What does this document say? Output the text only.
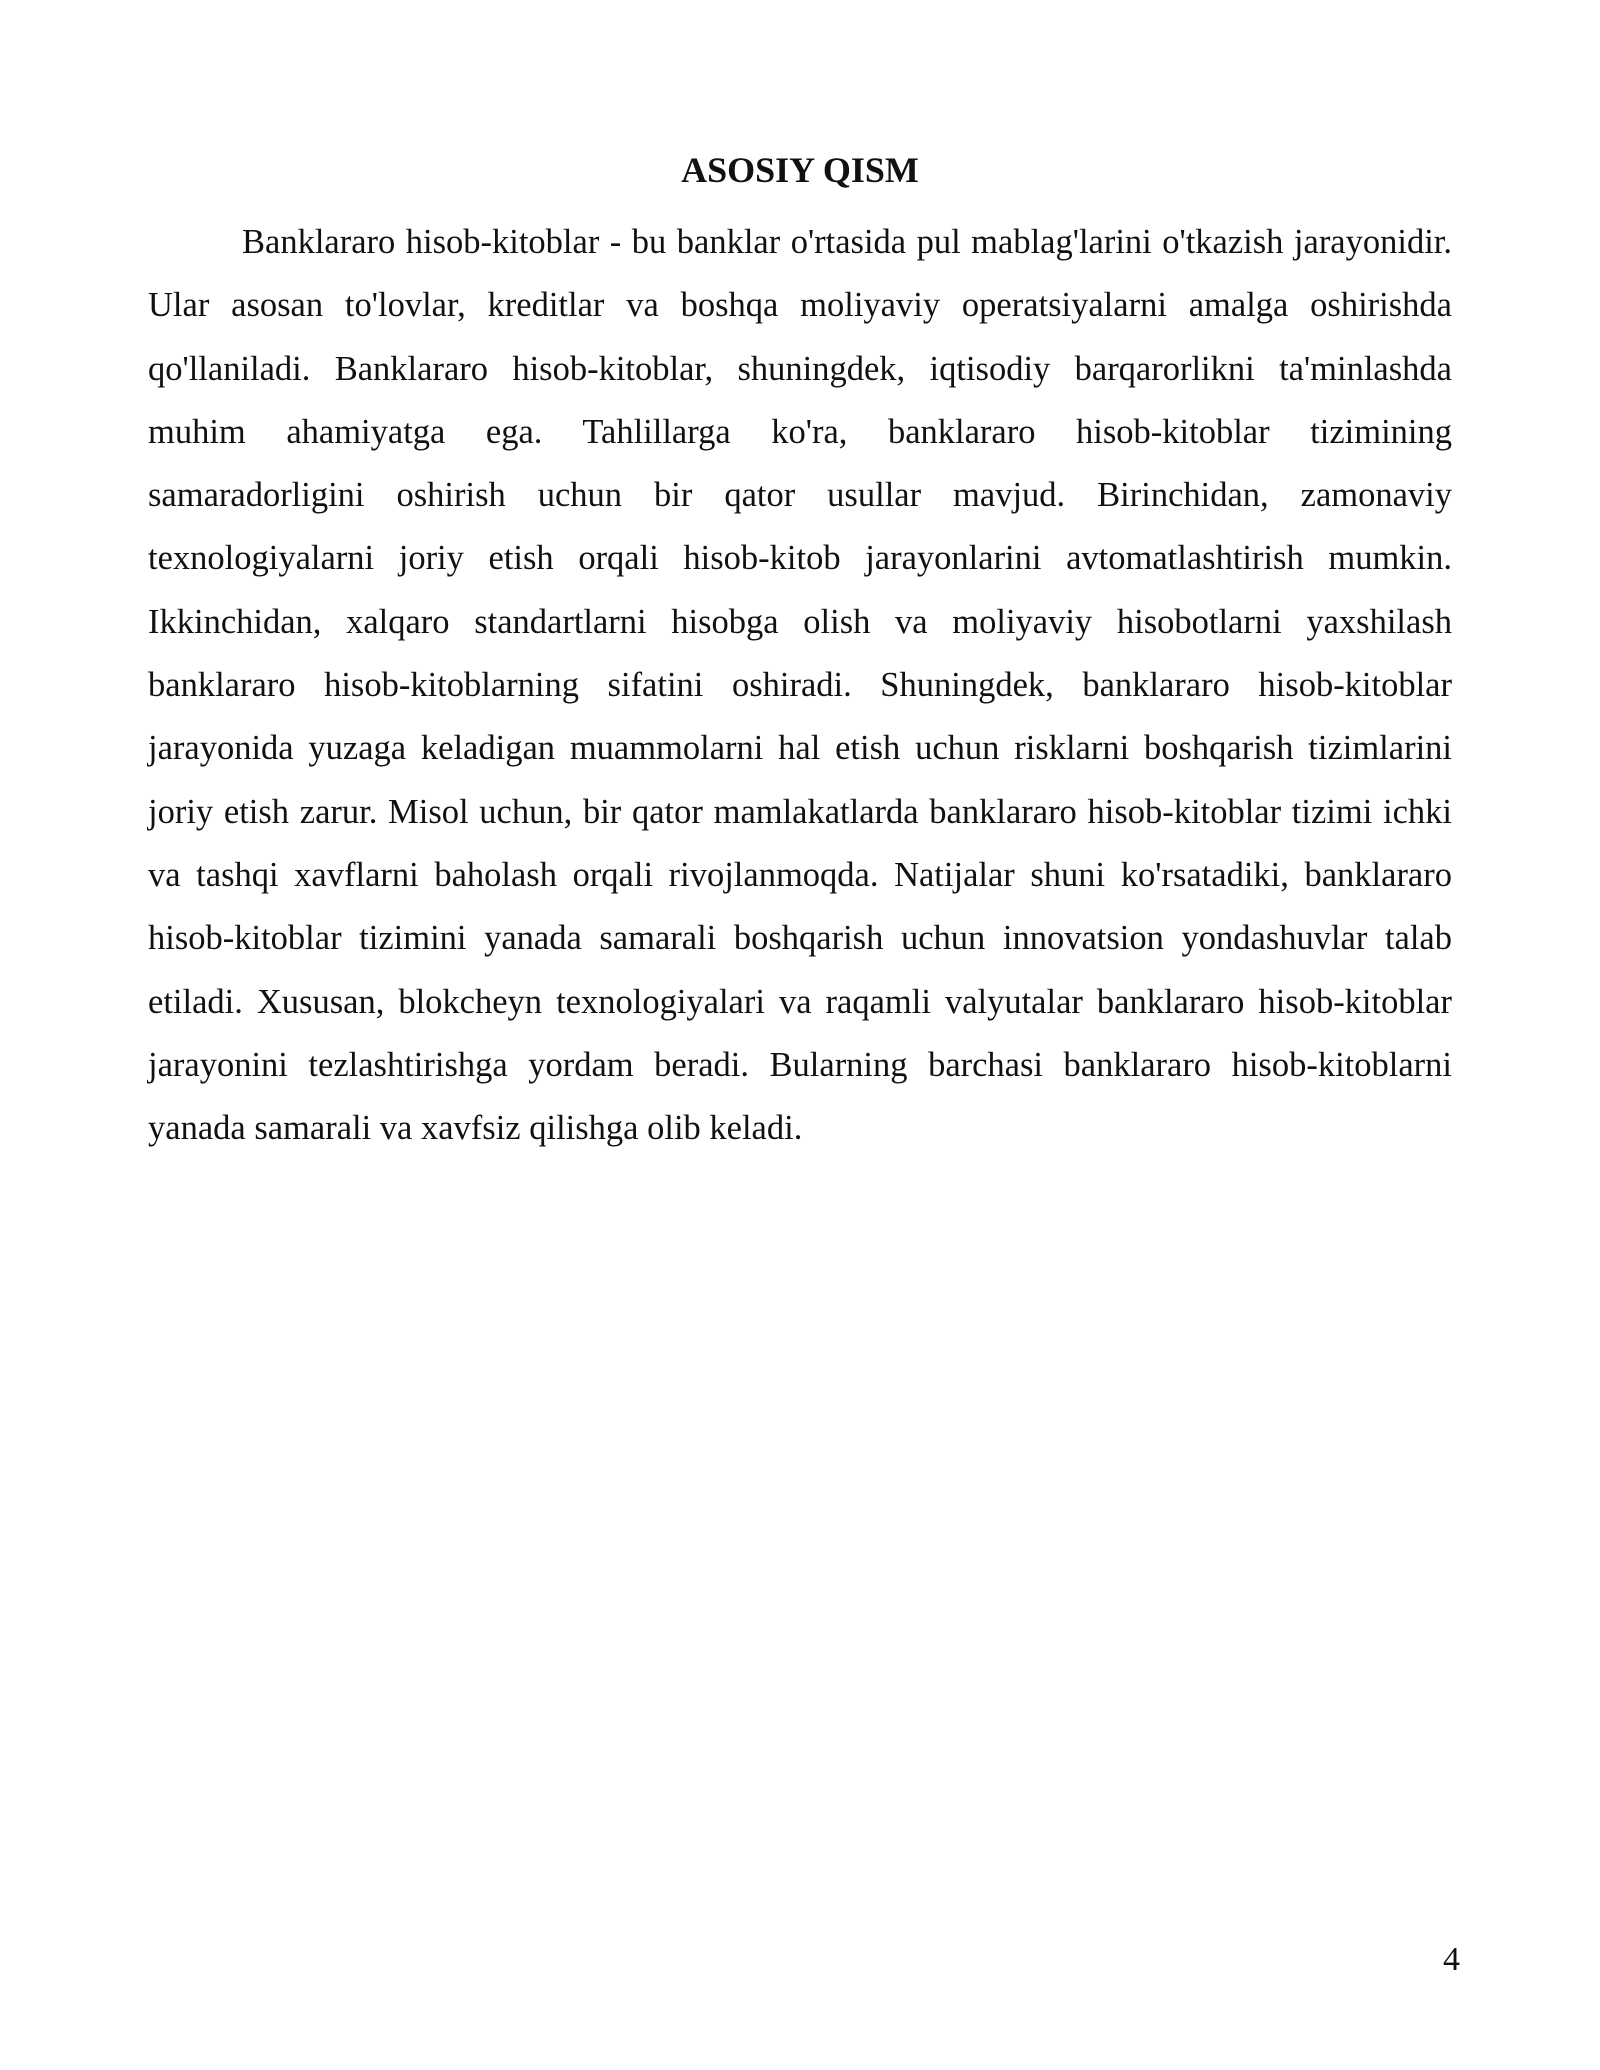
ASOSIY QISM

Banklararo hisob-kitoblar - bu banklar o'rtasida pul mablag'larini o'tkazish jarayonidir. Ular asosan to'lovlar, kreditlar va boshqa moliyaviy operatsiyalarni amalga oshirishda qo'llaniladi. Banklararo hisob-kitoblar, shuningdek, iqtisodiy barqarorlikni ta'minlashda muhim ahamiyatga ega. Tahlillarga ko'ra, banklararo hisob-kitoblar tizimining samaradorligini oshirish uchun bir qator usullar mavjud. Birinchidan, zamonaviy texnologiyalarni joriy etish orqali hisob-kitob jarayonlarini avtomatlashtirish mumkin. Ikkinchidan, xalqaro standartlarni hisobga olish va moliyaviy hisobotlarni yaxshilash banklararo hisob-kitoblarning sifatini oshiradi. Shuningdek, banklararo hisob-kitoblar jarayonida yuzaga keladigan muammolarni hal etish uchun risklarni boshqarish tizimlarini joriy etish zarur. Misol uchun, bir qator mamlakatlarda banklararo hisob-kitoblar tizimi ichki va tashqi xavflarni baholash orqali rivojlanmoqda. Natijalar shuni ko'rsatadiki, banklararo hisob-kitoblar tizimini yanada samarali boshqarish uchun innovatsion yondashuvlar talab etiladi. Xususan, blokcheyn texnologiyalari va raqamli valyutalar banklararo hisob-kitoblar jarayonini tezlashtirishga yordam beradi. Bularning barchasi banklararo hisob-kitoblarni yanada samarali va xavfsiz qilishga olib keladi.

4
